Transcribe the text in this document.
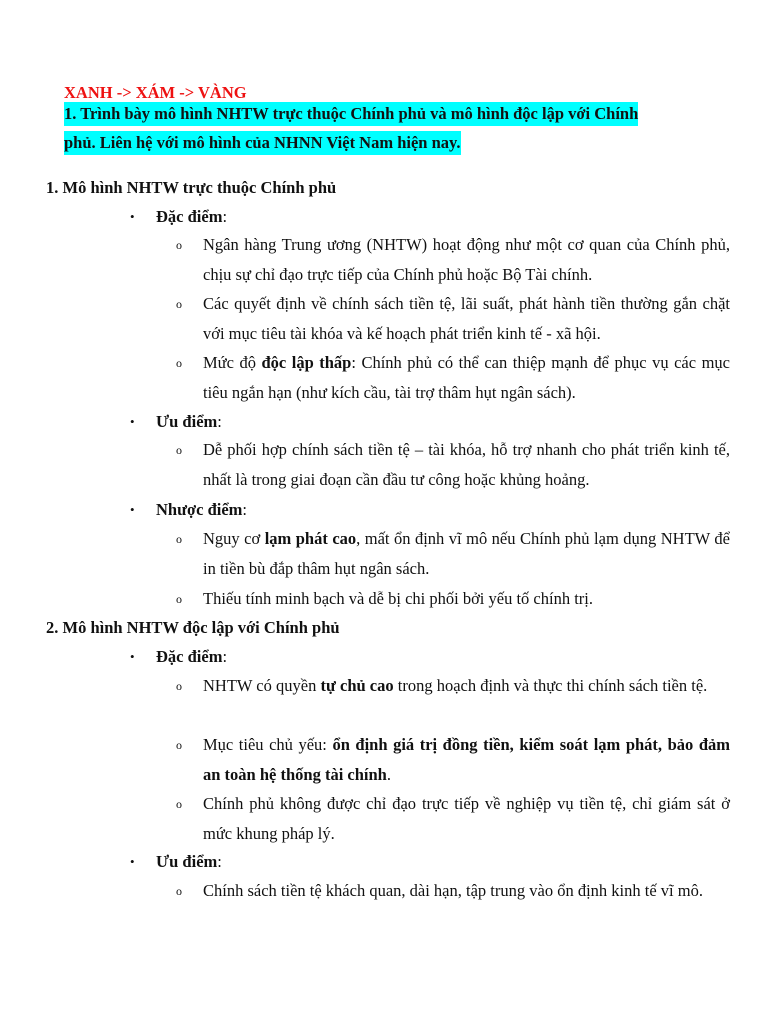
XANH -> XÁM -> VÀNG
1. Trình bày mô hình NHTW trực thuộc Chính phủ và mô hình độc lập với Chính
phủ. Liên hệ với mô hình của NHNN Việt Nam hiện nay.
1. Mô hình NHTW trực thuộc Chính phủ
• Đặc điểm:
o Ngân hàng Trung ương (NHTW) hoạt động như một cơ quan của Chính phủ, chịu sự chỉ đạo trực tiếp của Chính phủ hoặc Bộ Tài chính.
o Các quyết định về chính sách tiền tệ, lãi suất, phát hành tiền thường gắn chặt với mục tiêu tài khóa và kế hoạch phát triển kinh tế - xã hội.
o Mức độ độc lập thấp: Chính phủ có thể can thiệp mạnh để phục vụ các mục tiêu ngắn hạn (như kích cầu, tài trợ thâm hụt ngân sách).
• Ưu điểm:
o Dễ phối hợp chính sách tiền tệ – tài khóa, hỗ trợ nhanh cho phát triển kinh tế, nhất là trong giai đoạn cần đầu tư công hoặc khủng hoảng.
• Nhược điểm:
o Nguy cơ lạm phát cao, mất ổn định vĩ mô nếu Chính phủ lạm dụng NHTW để in tiền bù đắp thâm hụt ngân sách.
o Thiếu tính minh bạch và dễ bị chi phối bởi yếu tố chính trị.
2. Mô hình NHTW độc lập với Chính phủ
• Đặc điểm:
o NHTW có quyền tự chủ cao trong hoạch định và thực thi chính sách tiền tệ.
o Mục tiêu chủ yếu: ổn định giá trị đồng tiền, kiểm soát lạm phát, bảo đảm an toàn hệ thống tài chính.
o Chính phủ không được chỉ đạo trực tiếp về nghiệp vụ tiền tệ, chỉ giám sát ở mức khung pháp lý.
• Ưu điểm:
o Chính sách tiền tệ khách quan, dài hạn, tập trung vào ổn định kinh tế vĩ mô.
